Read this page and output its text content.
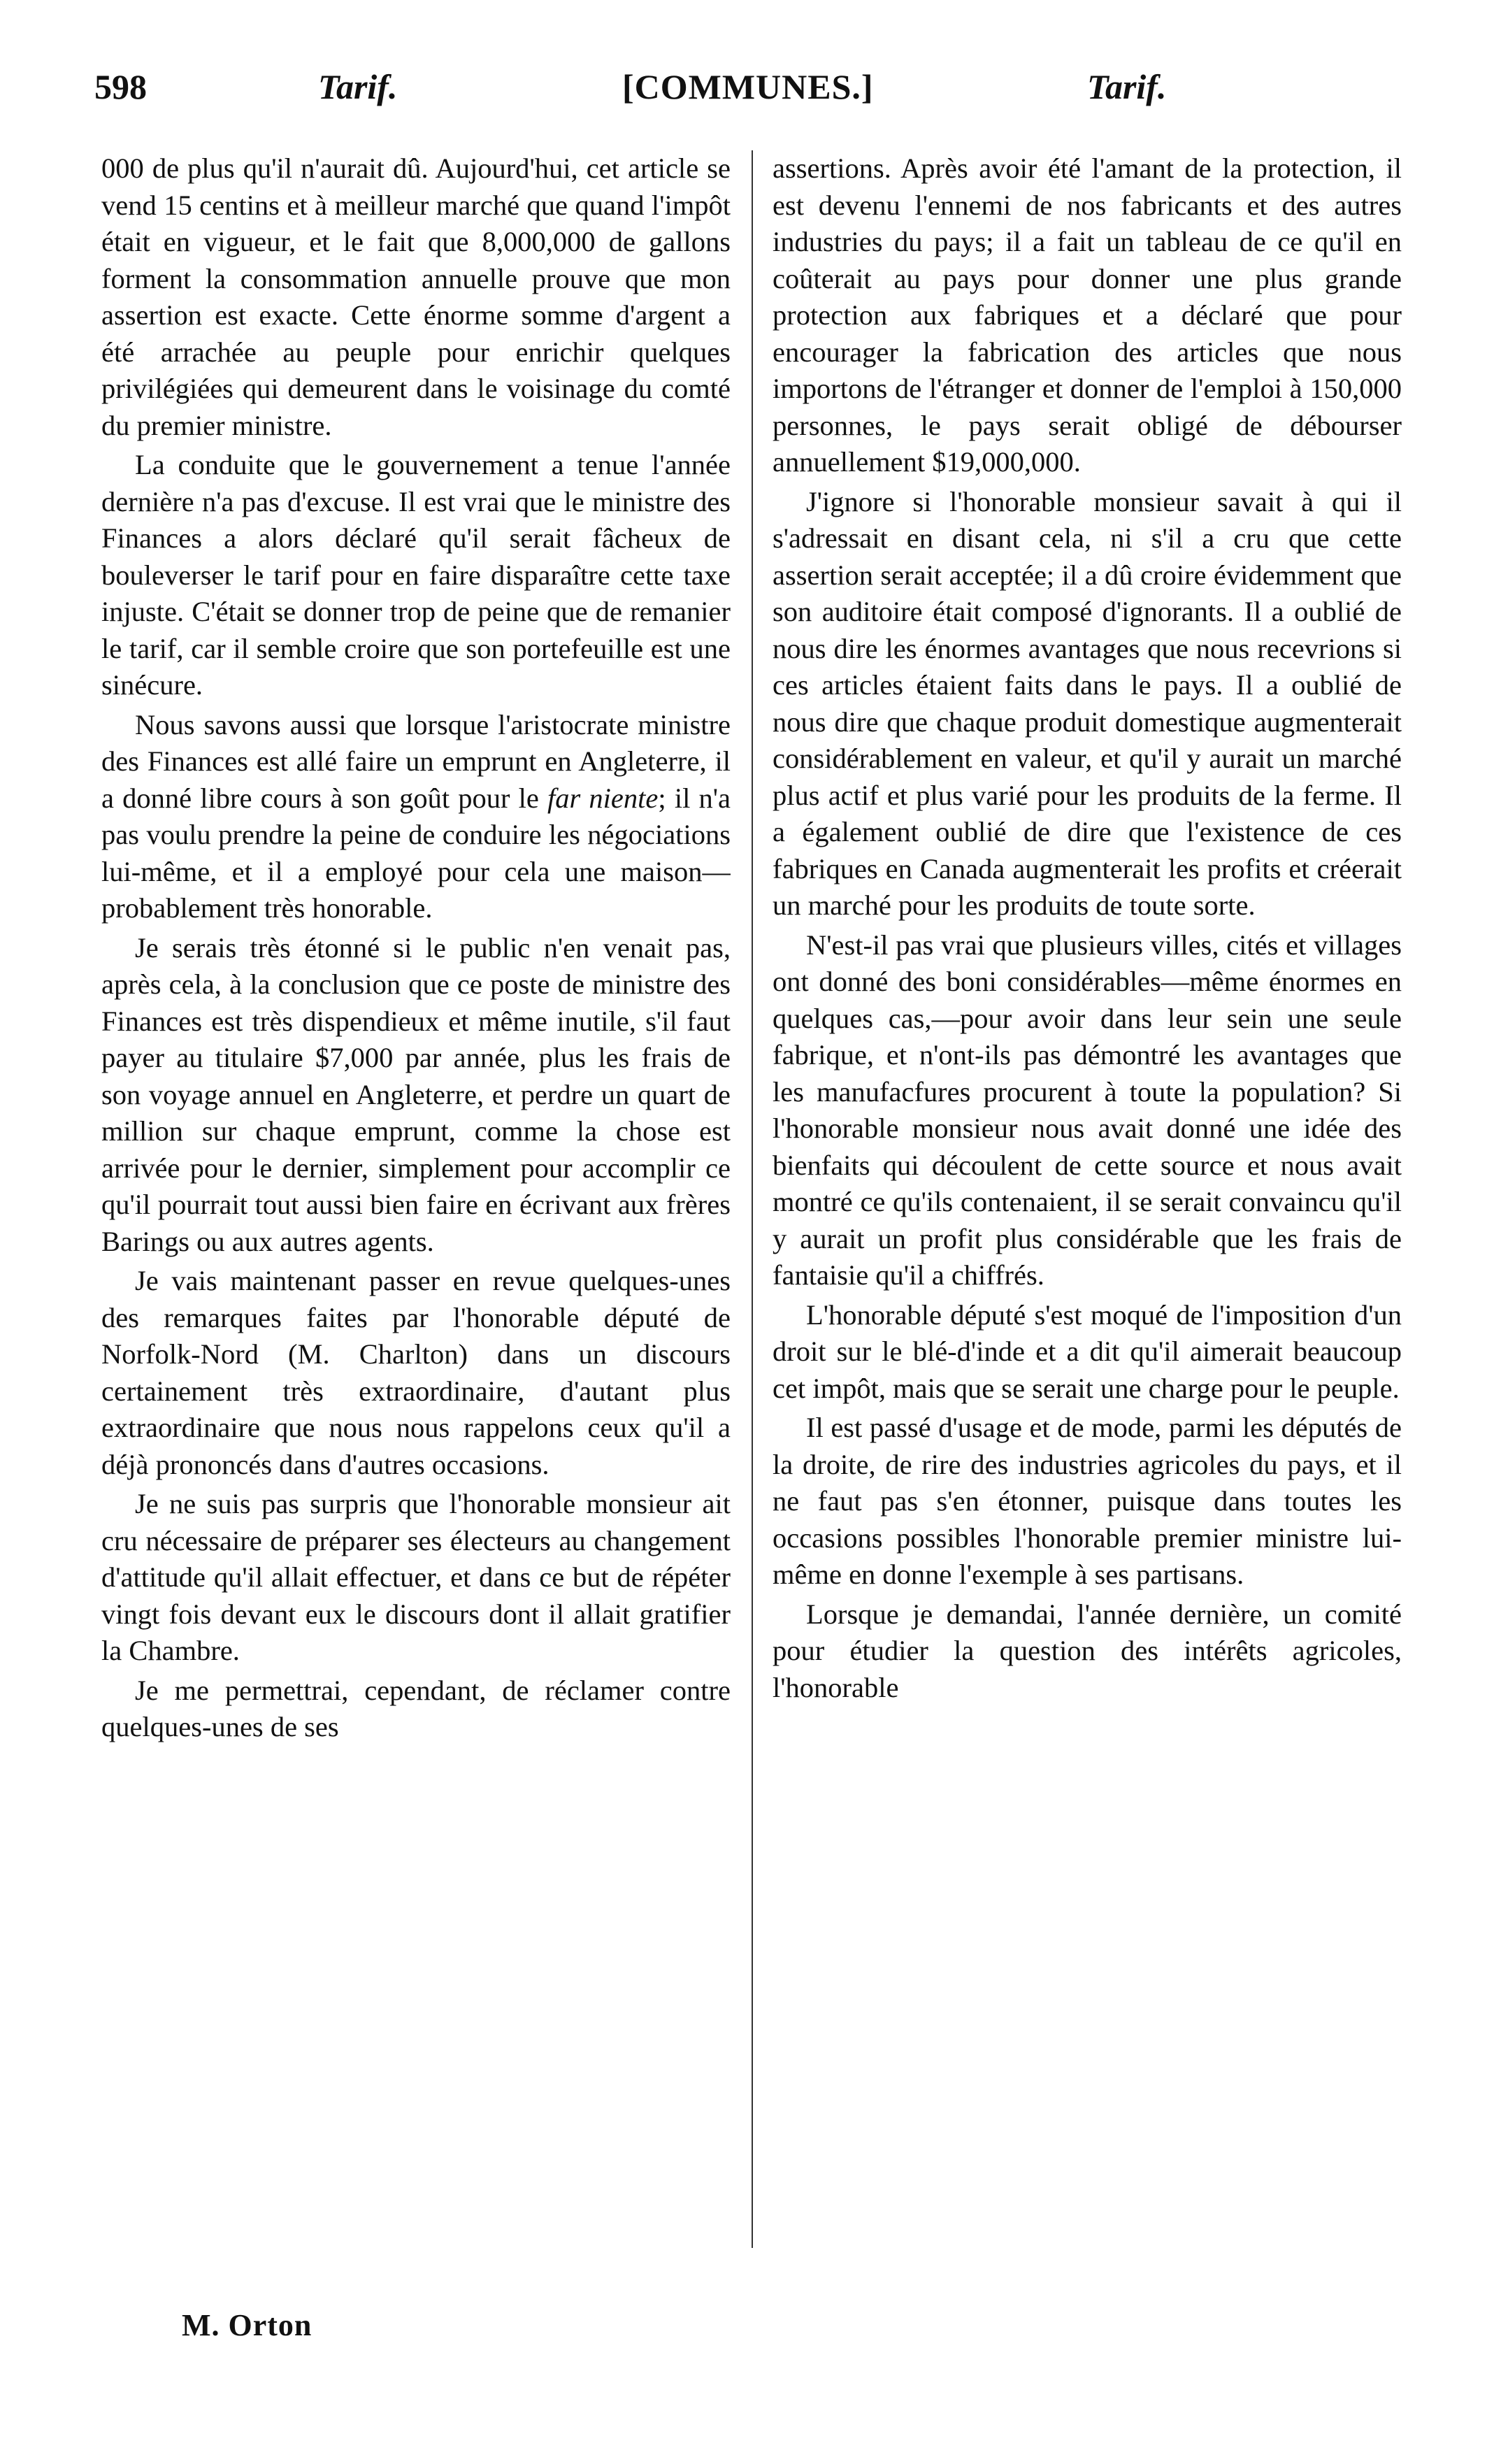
598	Tarif.	[COMMUNES.]	Tarif.

000 de plus qu'il n'aurait dû. Aujourd'hui, cet article se vend 15 centins et à meilleur marché que quand l'impôt était en vigueur, et le fait que 8,000,000 de gallons forment la consommation annuelle prouve que mon assertion est exacte. Cette énorme somme d'argent a été arrachée au peuple pour enrichir quelques privilégiées qui demeurent dans le voisinage du comté du premier ministre.

La conduite que le gouvernement a tenue l'année dernière n'a pas d'excuse. Il est vrai que le ministre des Finances a alors déclaré qu'il serait fâcheux de bouleverser le tarif pour en faire disparaître cette taxe injuste. C'était se donner trop de peine que de remanier le tarif, car il semble croire que son portefeuille est une sinécure.

Nous savons aussi que lorsque l'aristocrate ministre des Finances est allé faire un emprunt en Angleterre, il a donné libre cours à son goût pour le far niente; il n'a pas voulu prendre la peine de conduire les négociations lui-même, et il a employé pour cela une maison—probablement très honorable.

Je serais très étonné si le public n'en venait pas, après cela, à la conclusion que ce poste de ministre des Finances est très dispendieux et même inutile, s'il faut payer au titulaire $7,000 par année, plus les frais de son voyage annuel en Angleterre, et perdre un quart de million sur chaque emprunt, comme la chose est arrivée pour le dernier, simplement pour accomplir ce qu'il pourrait tout aussi bien faire en écrivant aux frères Barings ou aux autres agents.

Je vais maintenant passer en revue quelques-unes des remarques faites par l'honorable député de Norfolk-Nord (M. Charlton) dans un discours certainement très extraordinaire, d'autant plus extraordinaire que nous nous rappelons ceux qu'il a déjà prononcés dans d'autres occasions.

Je ne suis pas surpris que l'honorable monsieur ait cru nécessaire de préparer ses électeurs au changement d'attitude qu'il allait effectuer, et dans ce but de répéter vingt fois devant eux le discours dont il allait gratifier la Chambre.

Je me permettrai, cependant, de réclamer contre quelques-unes de ses

assertions. Après avoir été l'amant de la protection, il est devenu l'ennemi de nos fabricants et des autres industries du pays; il a fait un tableau de ce qu'il en coûterait au pays pour donner une plus grande protection aux fabriques et a déclaré que pour encourager la fabrication des articles que nous importons de l'étranger et donner de l'emploi à 150,000 personnes, le pays serait obligé de débourser annuellement $19,000,000.

J'ignore si l'honorable monsieur savait à qui il s'adressait en disant cela, ni s'il a cru que cette assertion serait acceptée; il a dû croire évidemment que son auditoire était composé d'ignorants. Il a oublié de nous dire les énormes avantages que nous recevrions si ces articles étaient faits dans le pays. Il a oublié de nous dire que chaque produit domestique augmenterait considérablement en valeur, et qu'il y aurait un marché plus actif et plus varié pour les produits de la ferme. Il a également oublié de dire que l'existence de ces fabriques en Canada augmenterait les profits et créerait un marché pour les produits de toute sorte.

N'est-il pas vrai que plusieurs villes, cités et villages ont donné des boni considérables—même énormes en quelques cas,—pour avoir dans leur sein une seule fabrique, et n'ont-ils pas démontré les avantages que les manufacfures procurent à toute la population? Si l'honorable monsieur nous avait donné une idée des bienfaits qui découlent de cette source et nous avait montré ce qu'ils contenaient, il se serait convaincu qu'il y aurait un profit plus considérable que les frais de fantaisie qu'il a chiffrés.

L'honorable député s'est moqué de l'imposition d'un droit sur le blé-d'inde et a dit qu'il aimerait beaucoup cet impôt, mais que se serait une charge pour le peuple.

Il est passé d'usage et de mode, parmi les députés de la droite, de rire des industries agricoles du pays, et il ne faut pas s'en étonner, puisque dans toutes les occasions possibles l'honorable premier ministre lui-même en donne l'exemple à ses partisans.

Lorsque je demandai, l'année dernière, un comité pour étudier la question des intérêts agricoles, l'honorable

M. Orton
